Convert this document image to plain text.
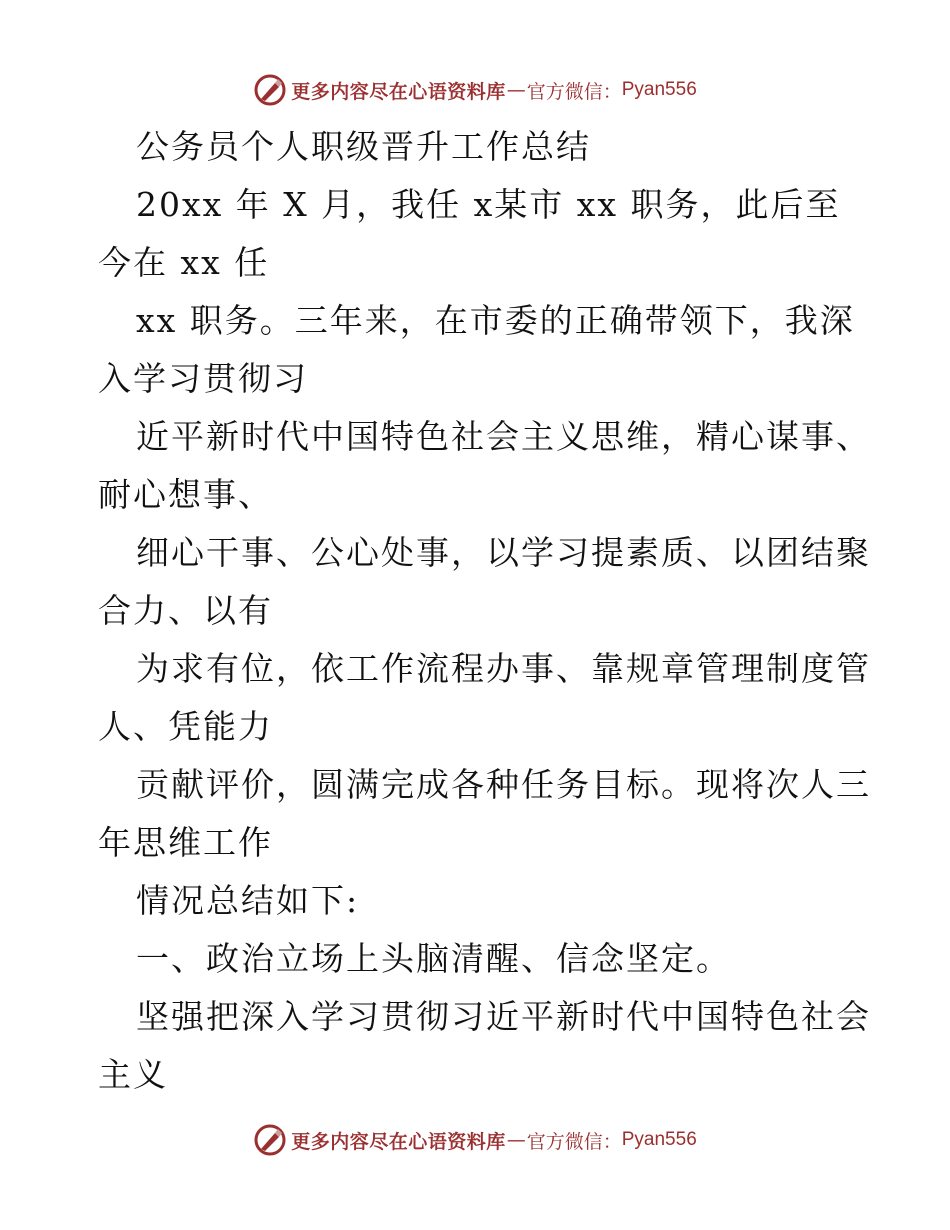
更多内容尽在心语资料库 — 官方微信： Pyan556
公务员个人职级晋升工作总结
20xx 年 X 月，我任 x某市 xx 职务，此后至
今在 xx 任
xx 职务。三年来，在市委的正确带领下，我深
入学习贯彻习
近平新时代中国特色社会主义思维，精心谋事、
耐心想事、
细心干事、公心处事，以学习提素质、以团结聚
合力、以有
为求有位，依工作流程办事、靠规章管理制度管
人、凭能力
贡献评价，圆满完成各种任务目标。现将次人三
年思维工作
情况总结如下:
一、政治立场上头脑清醒、信念坚定。
坚强把深入学习贯彻习近平新时代中国特色社会
主义
更多内容尽在心语资料库 — 官方微信： Pyan556
